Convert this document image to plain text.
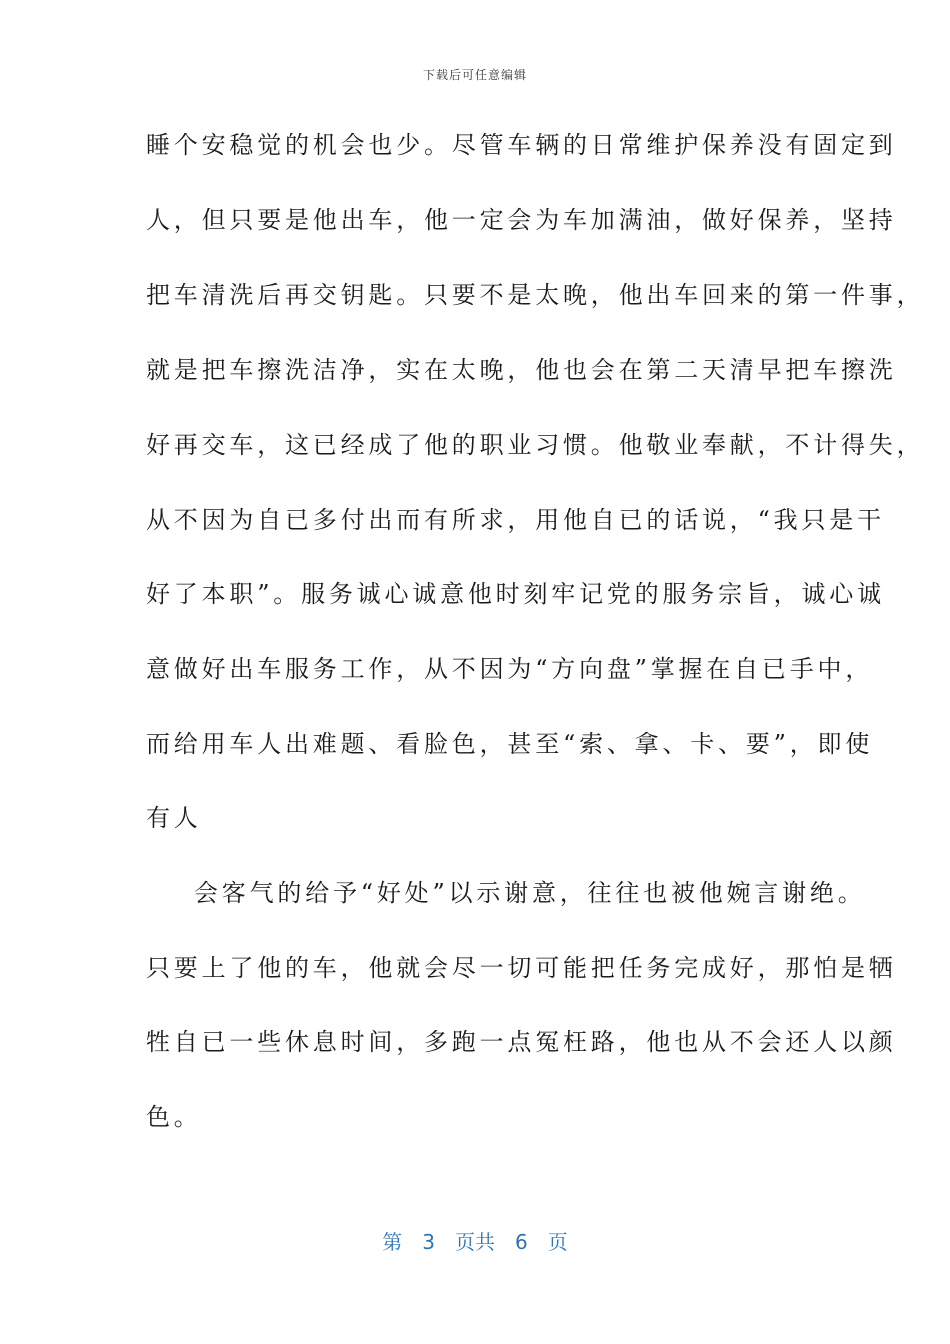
下载后可任意编辑
睡个安稳觉的机会也少。尽管车辆的日常维护保养没有固定到
人，但只要是他出车，他一定会为车加满油，做好保养，坚持
把车清洗后再交钥匙。只要不是太晚，他出车回来的第一件事，
就是把车擦洗洁净，实在太晚，他也会在第二天清早把车擦洗
好再交车，这已经成了他的职业习惯。他敬业奉献，不计得失，
从不因为自已多付出而有所求，用他自已的话说，“我只是干
好了本职”。服务诚心诚意他时刻牢记党的服务宗旨，诚心诚
意做好出车服务工作，从不因为“方向盘”掌握在自已手中，
而给用车人出难题、看脸色，甚至“索、拿、卡、要”，即使
有人
会客气的给予“好处”以示谢意，往往也被他婉言谢绝。
只要上了他的车，他就会尽一切可能把任务完成好，那怕是牺
牲自已一些休息时间，多跑一点冤枉路，他也从不会还人以颜
色。
第　3　页共　6　页
